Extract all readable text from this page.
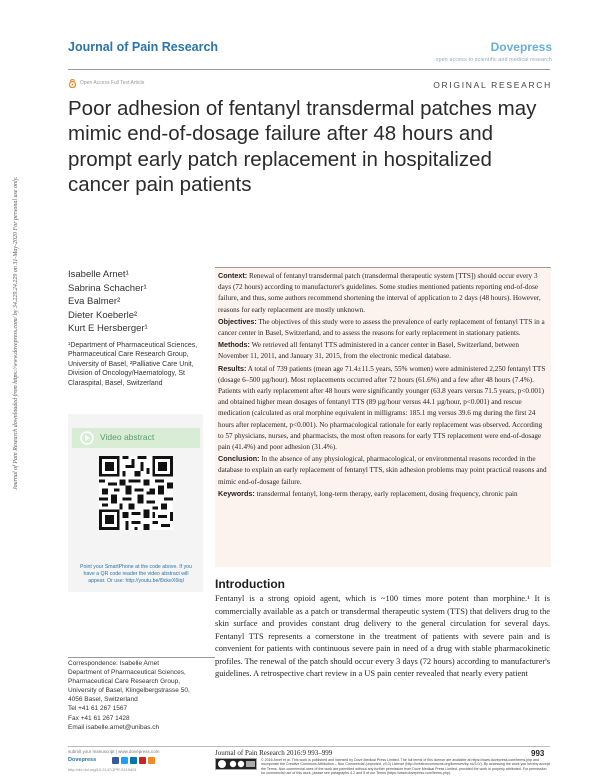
Journal of Pain Research	Dovepress
open access to scientific and medical research
Open Access Full Text Article	ORIGINAL RESEARCH
Poor adhesion of fentanyl transdermal patches may mimic end-of-dosage failure after 48 hours and prompt early patch replacement in hospitalized cancer pain patients
Journal of Pain Research downloaded from https://www.dovepress.com/ by 34.229.24.229 on 31-May-2020 For personal use only.	Isabelle Arnet¹
Sabrina Schacher¹
Eva Balmer²
Dieter Koeberle²
Kurt E Hersberger¹
¹Department of Pharmaceutical Sciences, Pharmaceutical Care Research Group, University of Basel, ²Palliative Care Unit, Division of Oncology/Haematology, St Claraspital, Basel, Switzerland
Video abstract
Point your SmartPhone at the code above. If you have a QR code reader the video abstract will appear. Or use: http://youtu.be/l9ckeX6tql
Correspondence: Isabelle Arnet
Department of Pharmaceutical Sciences,
Pharmaceutical Care Research Group,
University of Basel, Klingelbergstrasse 50,
4056 Basel, Switzerland
Tel +41 61 267 1567
Fax +41 61 267 1428
Email isabelle.arnet@unibas.ch

Context: Renewal of fentanyl transdermal patch (transdermal therapeutic system [TTS]) should occur every 3 days (72 hours) according to manufacturer's guidelines. Some studies mentioned patients reporting end-of-dose failure, and thus, some authors recommend shortening the interval of application to 2 days (48 hours). However, reasons for early replacement are mostly unknown.

Objectives: The objectives of this study were to assess the prevalence of early replacement of fentanyl TTS in a cancer center in Basel, Switzerland, and to assess the reasons for early replacement in stationary patients.

Methods: We retrieved all fentanyl TTS administered in a cancer center in Basel, Switzerland, between November 11, 2011, and January 31, 2015, from the electronic medical database.

Results: A total of 739 patients (mean age 71.4±11.5 years, 55% women) were administered 2,250 fentanyl TTS (dosage 6–500 µg/hour). Most replacements occurred after 72 hours (61.6%) and a few after 48 hours (7.4%). Patients with early replacement after 48 hours were significantly younger (63.8 years versus 71.5 years, p<0.001) and obtained higher mean dosages of fentanyl TTS (89 µg/hour versus 44.1 µg/hour, p<0.001) and rescue medication (calculated as oral morphine equivalent in milligrams: 185.1 mg versus 39.6 mg during the first 24 hours after replacement, p<0.001). No pharmacological rationale for early replacement was observed. According to 57 physicians, nurses, and pharmacists, the most often reasons for early TTS replacement were end-of-dosage pain (41.4%) and poor adhesion (31.4%).

Conclusion: In the absence of any physiological, pharmacological, or environmental reasons recorded in the database to explain an early replacement of fentanyl TTS, skin adhesion problems may point practical reasons and mimic end-of-dosage failure.

Keywords: transdermal fentanyl, long-term therapy, early replacement, dosing frequency, chronic pain

Introduction
Fentanyl is a strong opioid agent, which is ~100 times more potent than morphine.¹ It is commercially available as a patch or transdermal therapeutic system (TTS) that delivers drug to the skin surface and provides constant drug delivery to the general circulation for several days. Fentanyl TTS represents a cornerstone in the treatment of patients with severe pain and is convenient for patients with continuous severe pain in need of a drug with stable pharmacokinetic profiles. The renewal of the patch should occur every 3 days (72 hours) according to manufacturer's guidelines. A retrospective chart review in a US pain center revealed that nearly every patient
submit your manuscript | www.dovepress.com
Dovepress
http://dx.doi.org/10.2147/JPR.S119401
Journal of Pain Research 2016:9 993–999	993
© 2016 Arnet et al. This work is published and licensed by Dove Medical Press Limited. The full terms of this license are available at https://www.dovepress.com/terms.php and incorporate the Creative Commons Attribution – Non Commercial (unported, v3.0) License (http://creativecommons.org/licenses/by-nc/3.0/). By accessing the work you hereby accept the Terms. Non-commercial uses of the work are permitted without any further permission from Dove Medical Press Limited, provided the work is properly attributed. For permission for commercial use of this work, please see paragraphs 4.2 and 5 of our Terms (https://www.dovepress.com/terms.php).
